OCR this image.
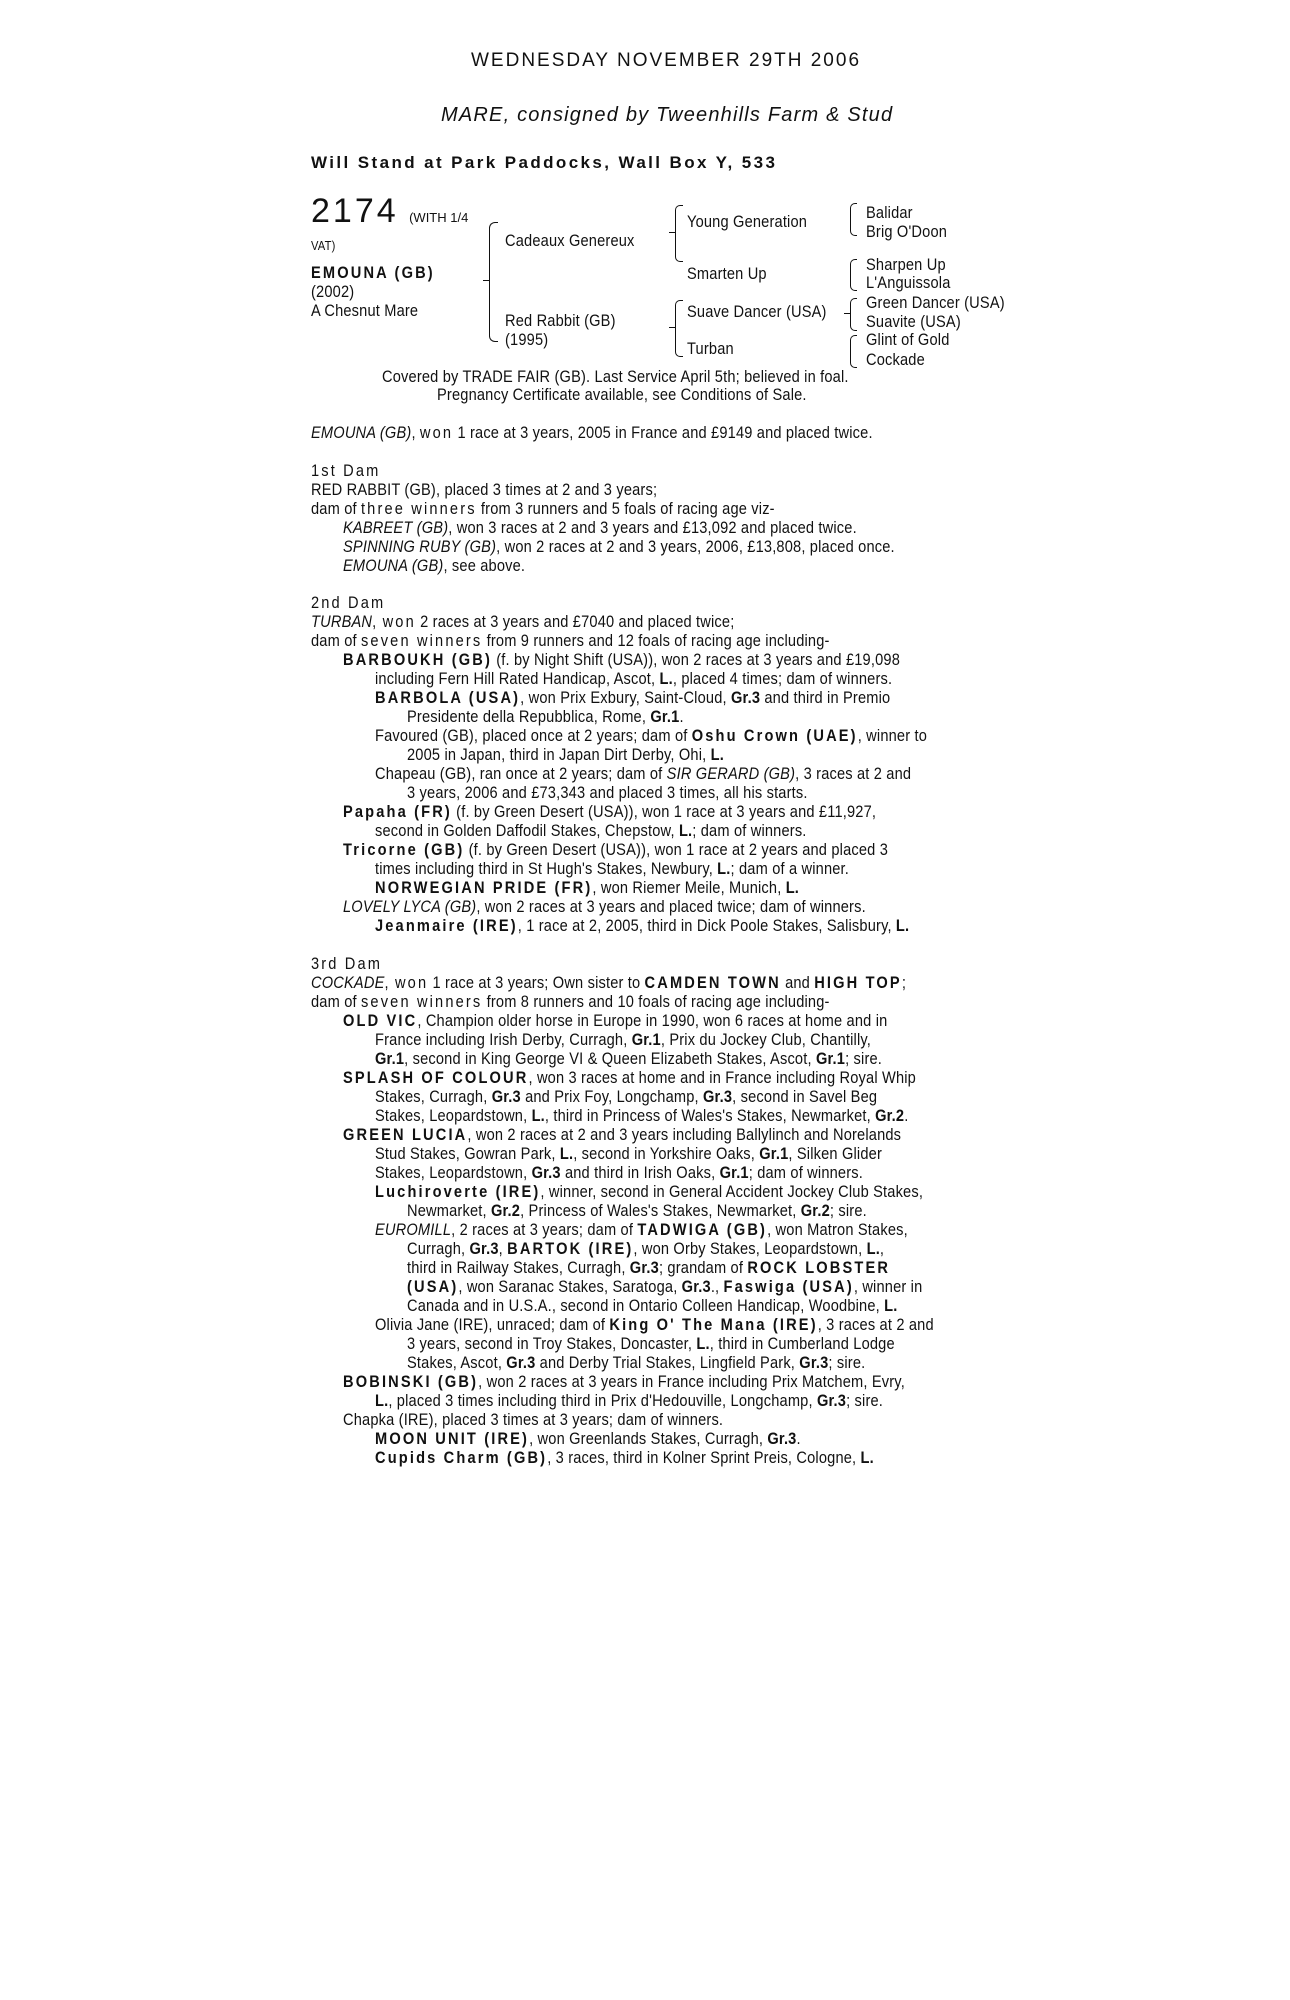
WEDNESDAY NOVEMBER 29TH 2006
MARE, consigned by Tweenhills Farm & Stud
Will Stand at Park Paddocks, Wall Box Y, 533
2174 (WITH 1/4
VAT)
EMOUNA (GB)
(2002)
A Chesnut Mare
Cadeaux Genereux
Red Rabbit (GB)
(1995)
Young Generation
Smarten Up
Suave Dancer (USA)
Turban
Balidar
Brig O'Doon
Sharpen Up
L'Anguissola
Green Dancer (USA)
Suavite (USA)
Glint of Gold
Cockade
Covered by TRADE FAIR (GB). Last Service April 5th; believed in foal.
Pregnancy Certificate available, see Conditions of Sale.
EMOUNA (GB), won 1 race at 3 years, 2005 in France and £9149 and placed twice.
1st Dam
RED RABBIT (GB), placed 3 times at 2 and 3 years;
dam of three winners from 3 runners and 5 foals of racing age viz-
KABREET (GB), won 3 races at 2 and 3 years and £13,092 and placed twice.
SPINNING RUBY (GB), won 2 races at 2 and 3 years, 2006, £13,808, placed once.
EMOUNA (GB), see above.
2nd Dam
TURBAN, won 2 races at 3 years and £7040 and placed twice;
dam of seven winners from 9 runners and 12 foals of racing age including-
BARBOUKH (GB) (f. by Night Shift (USA)), won 2 races at 3 years and £19,098
including Fern Hill Rated Handicap, Ascot, L., placed 4 times; dam of winners.
BARBOLA (USA), won Prix Exbury, Saint-Cloud, Gr.3 and third in Premio
Presidente della Repubblica, Rome, Gr.1.
Favoured (GB), placed once at 2 years; dam of Oshu Crown (UAE), winner to
2005 in Japan, third in Japan Dirt Derby, Ohi, L.
Chapeau (GB), ran once at 2 years; dam of SIR GERARD (GB), 3 races at 2 and
3 years, 2006 and £73,343 and placed 3 times, all his starts.
Papaha (FR) (f. by Green Desert (USA)), won 1 race at 3 years and £11,927,
second in Golden Daffodil Stakes, Chepstow, L.; dam of winners.
Tricorne (GB) (f. by Green Desert (USA)), won 1 race at 2 years and placed 3
times including third in St Hugh's Stakes, Newbury, L.; dam of a winner.
NORWEGIAN PRIDE (FR), won Riemer Meile, Munich, L.
LOVELY LYCA (GB), won 2 races at 3 years and placed twice; dam of winners.
Jeanmaire (IRE), 1 race at 2, 2005, third in Dick Poole Stakes, Salisbury, L.
3rd Dam
COCKADE, won 1 race at 3 years; Own sister to CAMDEN TOWN and HIGH TOP;
dam of seven winners from 8 runners and 10 foals of racing age including-
OLD VIC, Champion older horse in Europe in 1990, won 6 races at home and in
France including Irish Derby, Curragh, Gr.1, Prix du Jockey Club, Chantilly,
Gr.1, second in King George VI & Queen Elizabeth Stakes, Ascot, Gr.1; sire.
SPLASH OF COLOUR, won 3 races at home and in France including Royal Whip
Stakes, Curragh, Gr.3 and Prix Foy, Longchamp, Gr.3, second in Savel Beg
Stakes, Leopardstown, L., third in Princess of Wales's Stakes, Newmarket, Gr.2.
GREEN LUCIA, won 2 races at 2 and 3 years including Ballylinch and Norelands
Stud Stakes, Gowran Park, L., second in Yorkshire Oaks, Gr.1, Silken Glider
Stakes, Leopardstown, Gr.3 and third in Irish Oaks, Gr.1; dam of winners.
Luchiroverte (IRE), winner, second in General Accident Jockey Club Stakes,
Newmarket, Gr.2, Princess of Wales's Stakes, Newmarket, Gr.2; sire.
EUROMILL, 2 races at 3 years; dam of TADWIGA (GB), won Matron Stakes,
Curragh, Gr.3, BARTOK (IRE), won Orby Stakes, Leopardstown, L.,
third in Railway Stakes, Curragh, Gr.3; grandam of ROCK LOBSTER
(USA), won Saranac Stakes, Saratoga, Gr.3., Faswiga (USA), winner in
Canada and in U.S.A., second in Ontario Colleen Handicap, Woodbine, L.
Olivia Jane (IRE), unraced; dam of King O' The Mana (IRE), 3 races at 2 and
3 years, second in Troy Stakes, Doncaster, L., third in Cumberland Lodge
Stakes, Ascot, Gr.3 and Derby Trial Stakes, Lingfield Park, Gr.3; sire.
BOBINSKI (GB), won 2 races at 3 years in France including Prix Matchem, Evry,
L., placed 3 times including third in Prix d'Hedouville, Longchamp, Gr.3; sire.
Chapka (IRE), placed 3 times at 3 years; dam of winners.
MOON UNIT (IRE), won Greenlands Stakes, Curragh, Gr.3.
Cupids Charm (GB), 3 races, third in Kolner Sprint Preis, Cologne, L.
